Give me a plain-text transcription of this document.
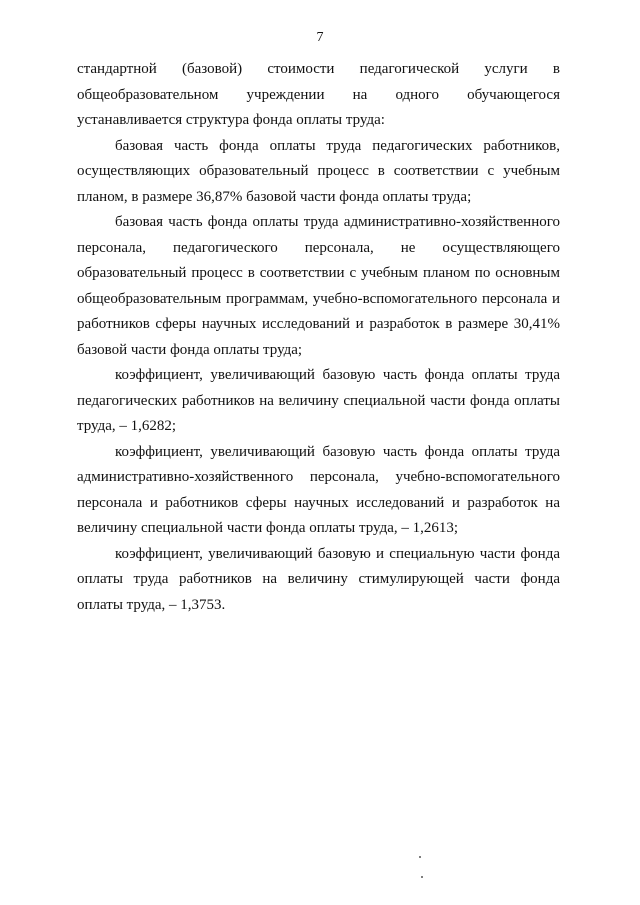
7

стандартной (базовой) стоимости педагогической услуги в

общеобразовательном учреждении на одного обучающегося

устанавливается структура фонда оплаты труда:

базовая часть фонда оплаты труда педагогических работников, осуществляющих образовательный процесс в соответствии с учебным планом, в размере 36,87% базовой части фонда оплаты труда;

базовая часть фонда оплаты труда административно-хозяйственного персонала, педагогического персонала, не осуществляющего образовательный процесс в соответствии с учебным планом по основным общеобразовательным программам, учебно-вспомогательного персонала и работников сферы научных исследований и разработок в размере 30,41% базовой части фонда оплаты труда;

коэффициент, увеличивающий базовую часть фонда оплаты труда педагогических работников на величину специальной части фонда оплаты труда, – 1,6282;

коэффициент, увеличивающий базовую часть фонда оплаты труда административно-хозяйственного персонала, учебно-вспомогательного персонала и работников сферы научных исследований и разработок на величину специальной части фонда оплаты труда, – 1,2613;

коэффициент, увеличивающий базовую и специальную части фонда оплаты труда работников на величину стимулирующей части фонда оплаты труда, – 1,3753.
